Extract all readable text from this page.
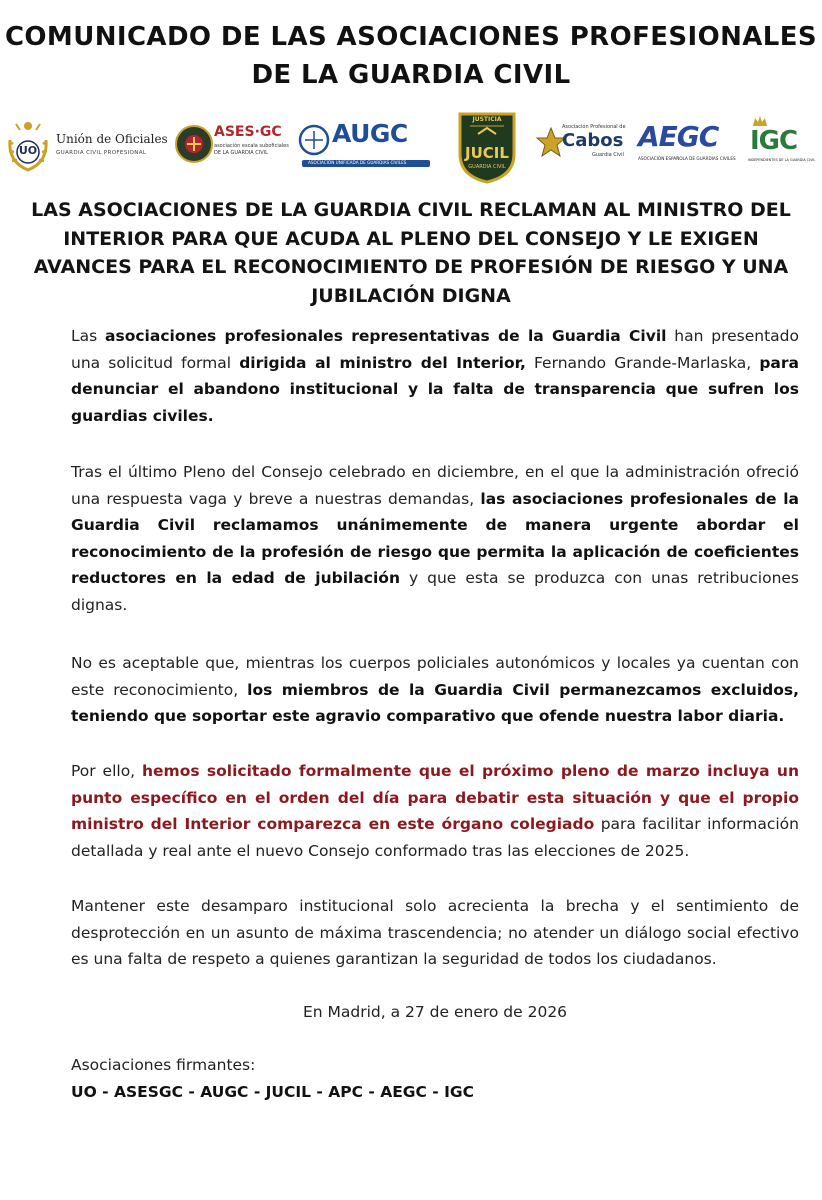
COMUNICADO DE LAS ASOCIACIONES PROFESIONALES
DE LA GUARDIA CIVIL
UO
Unión de Oficiales
GUARDIA CIVIL PROFESIONAL
ASES·GC
asociación escala suboficiales
DE LA GUARDIA CIVIL
AUGC
ASOCIACIÓN UNIFICADA DE GUARDIAS CIVILES
JUSTICIA
JUCIL
GUARDIA CIVIL
Asociación Profesional de
Cabos
Guardia Civil
AEGC
ASOCIACIÓN ESPAÑOLA DE GUARDIAS CIVILES
IGC
INDEPENDIENTES DE LA GUARDIA CIVIL
LAS ASOCIACIONES DE LA GUARDIA CIVIL RECLAMAN AL MINISTRO DEL INTERIOR PARA QUE ACUDA AL PLENO DEL CONSEJO Y LE EXIGEN AVANCES PARA EL RECONOCIMIENTO DE PROFESIÓN DE RIESGO Y UNA JUBILACIÓN DIGNA
Las asociaciones profesionales representativas de la Guardia Civil han presentado una solicitud formal dirigida al ministro del Interior, Fernando Grande-Marlaska, para denunciar el abandono institucional y la falta de transparencia que sufren los guardias civiles.
Tras el último Pleno del Consejo celebrado en diciembre, en el que la administración ofreció una respuesta vaga y breve a nuestras demandas, las asociaciones profesionales de la Guardia Civil reclamamos unánimemente de manera urgente abordar el reconocimiento de la profesión de riesgo que permita la aplicación de coeficientes reductores en la edad de jubilación y que esta se produzca con unas retribuciones dignas.
No es aceptable que, mientras los cuerpos policiales autonómicos y locales ya cuentan con este reconocimiento, los miembros de la Guardia Civil permanezcamos excluidos, teniendo que soportar este agravio comparativo que ofende nuestra labor diaria.
Por ello, hemos solicitado formalmente que el próximo pleno de marzo incluya un punto específico en el orden del día para debatir esta situación y que el propio ministro del Interior comparezca en este órgano colegiado para facilitar información detallada y real ante el nuevo Consejo conformado tras las elecciones de 2025.
Mantener este desamparo institucional solo acrecienta la brecha y el sentimiento de desprotección en un asunto de máxima trascendencia; no atender un diálogo social efectivo es una falta de respeto a quienes garantizan la seguridad de todos los ciudadanos.
En Madrid, a 27 de enero de 2026
Asociaciones firmantes:
UO - ASESGC - AUGC - JUCIL - APC - AEGC - IGC
